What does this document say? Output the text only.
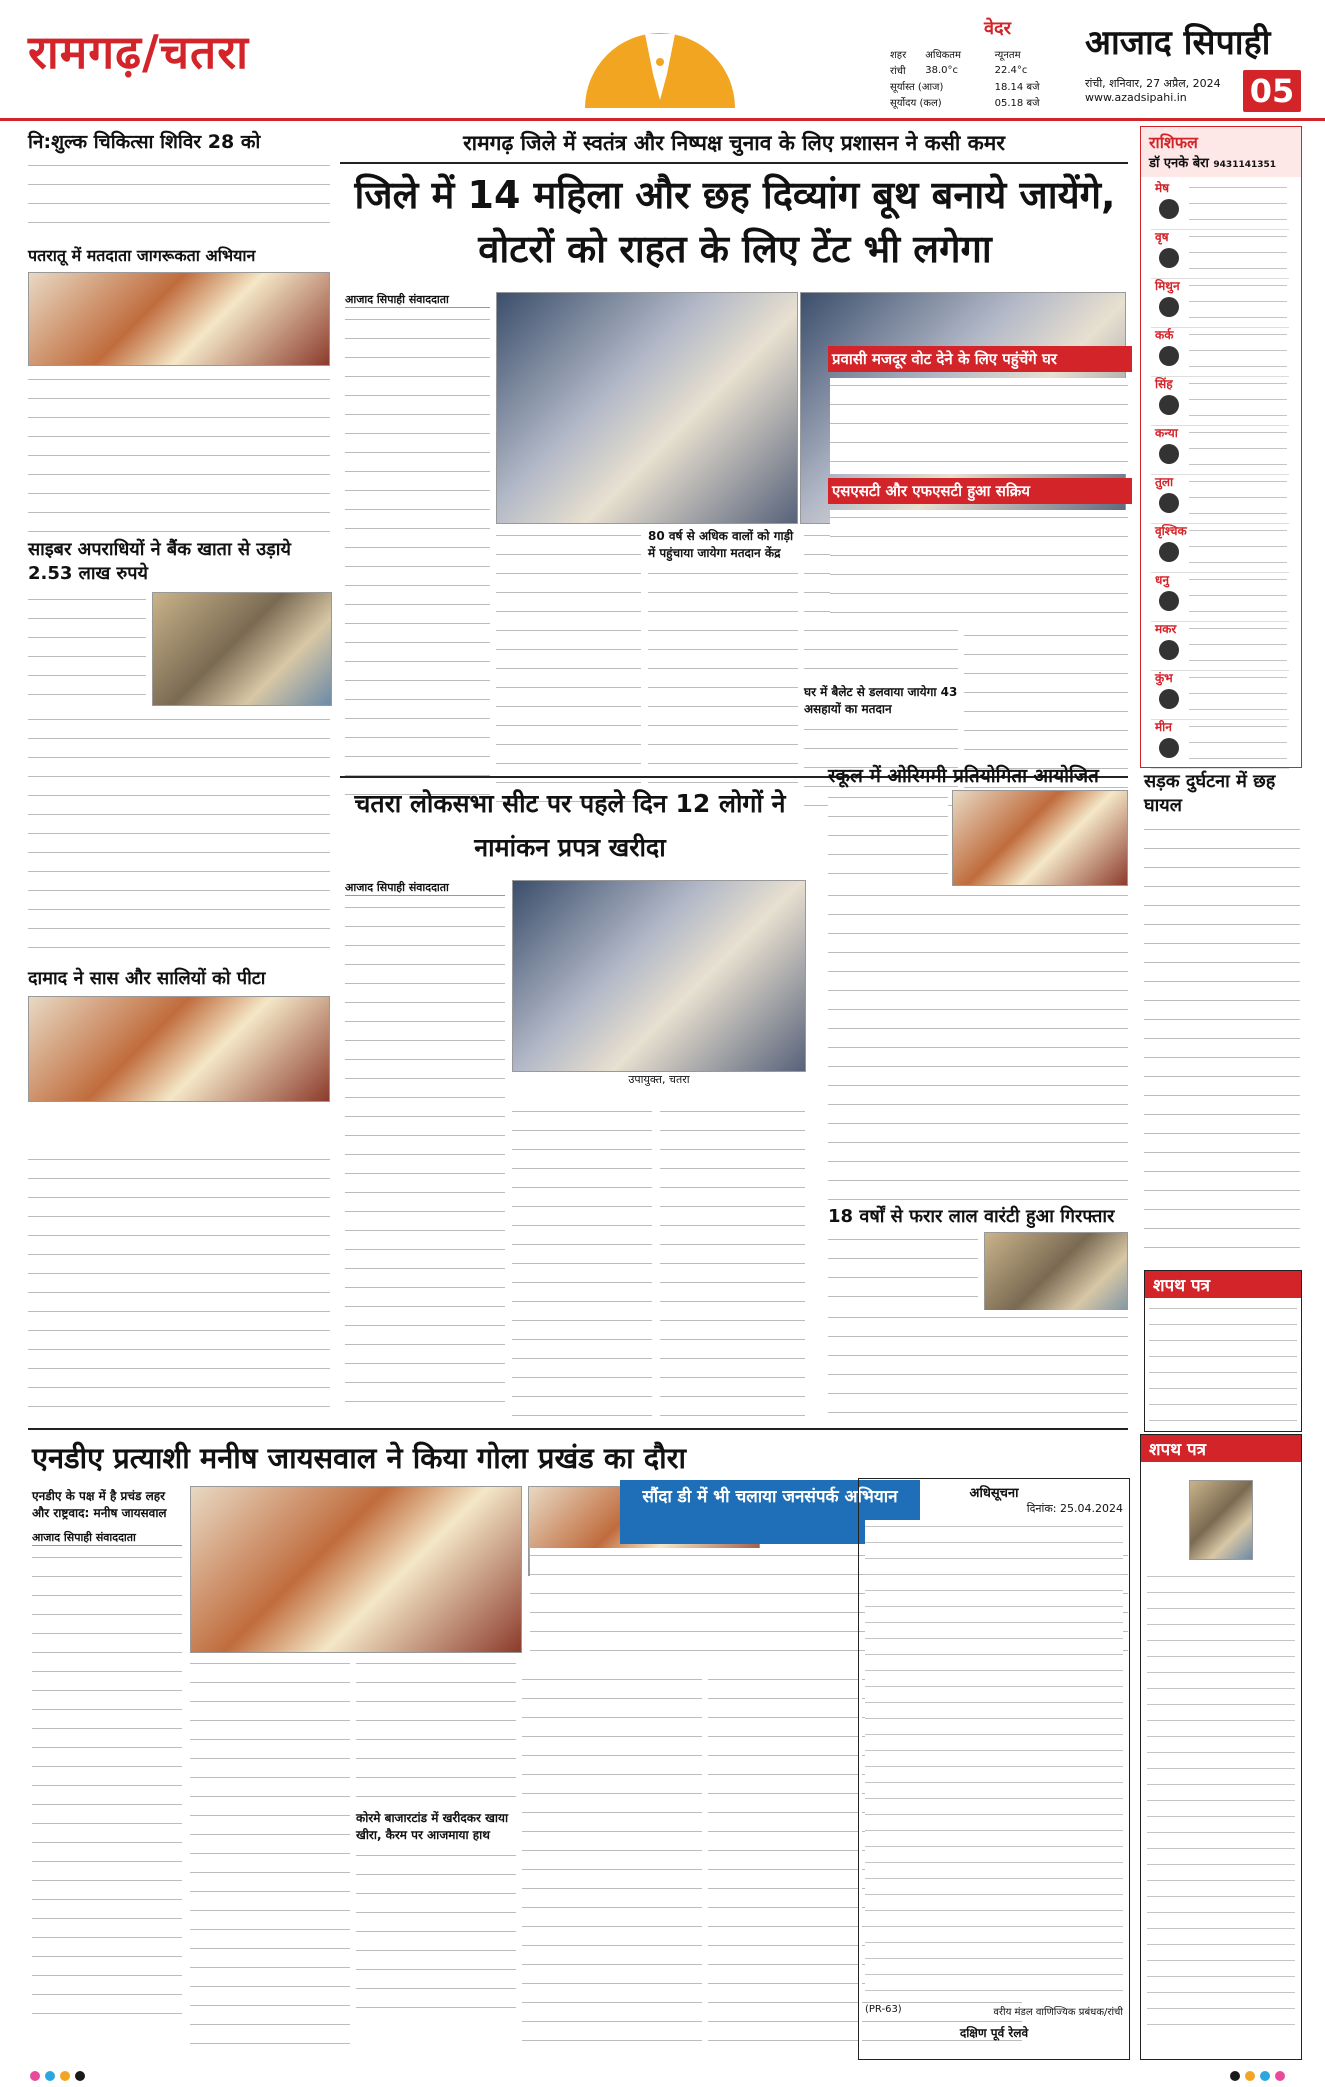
रामगढ़/चतरा	वेदर
शहर	अधिकतम	न्यूनतम
रांची	38.0°c	22.4°c
सूर्यास्त (आज)		18.14 बजे
सूर्योदय (कल)		05.18 बजे
आजाद सिपाही
रांची, शनिवार, 27 अप्रैल, 2024
www.azadsipahi.in	05
नि:शुल्क चिकित्सा शिविर 28 को
पतरातू में मतदाता जागरूकता अभियान
साइबर अपराधियों ने बैंक खाता से उड़ाये 2.53 लाख रुपये
दामाद ने सास और सालियों को पीटा
रामगढ़ जिले में स्वतंत्र और निष्पक्ष चुनाव के लिए प्रशासन ने कसी कमर
जिले में 14 महिला और छह दिव्यांग बूथ बनाये जायेंगे, वोटरों को राहत के लिए टेंट भी लगेगा
आजाद सिपाही संवाददाता
80 वर्ष से अधिक वालों को गाड़ी में पहुंचाया जायेगा मतदान केंद्र
घर में बैलेट से डलवाया जायेगा 43 असहायों का मतदान
प्रवासी मजदूर वोट देने के लिए पहुंचेंगे घर
एसएसटी और एफएसटी हुआ सक्रिय
राशिफल
डॉ एनके बेरा 9431141351
मेष
वृष
मिथुन
कर्क
सिंह
कन्या
तुला
वृश्चिक
धनु
मकर
कुंभ
मीन
चतरा लोकसभा सीट पर पहले दिन 12 लोगों ने नामांकन प्रपत्र खरीदा
आजाद सिपाही संवाददाता
उपायुक्त, चतरा
स्कूल में ओरिगमी प्रतियोगिता आयोजित
18 वर्षों से फरार लाल वारंटी हुआ गिरफ्तार
सड़क दुर्घटना में छह घायल
शपथ पत्र
एनडीए प्रत्याशी मनीष जायसवाल ने किया गोला प्रखंड का दौरा
एनडीए के पक्ष में है प्रचंड लहर और राष्ट्रवाद: मनीष जायसवाल
आजाद सिपाही संवाददाता
सौंदा डी में भी चलाया जनसंपर्क अभियान
कोरमे बाजारटांड में खरीदकर खाया खीरा, कैरम पर आजमाया हाथ
अधिसूचना
दिनांक: 25.04.2024
(PR-63)	वरीय मंडल वाणिज्यिक प्रबंधक/रांची
दक्षिण पूर्व रेलवे
शपथ पत्र
